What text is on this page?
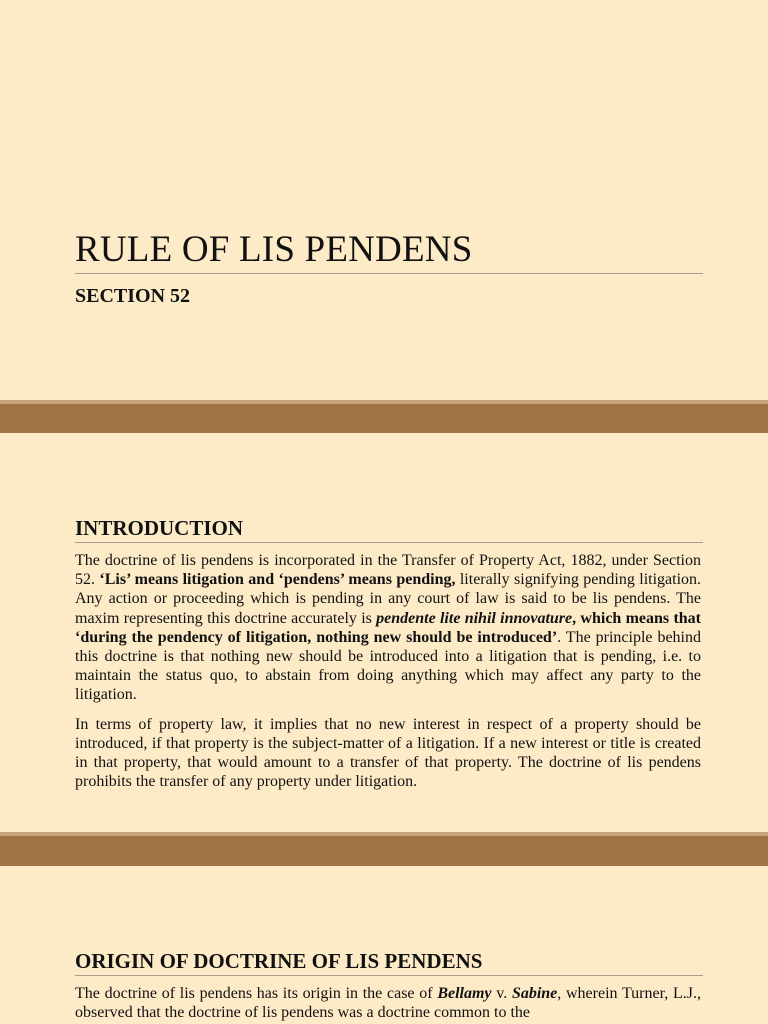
RULE OF LIS PENDENS
SECTION 52
INTRODUCTION

The doctrine of lis pendens is incorporated in the Transfer of Property Act, 1882, under Section 52. ‘Lis’ means litigation and ‘pendens’ means pending, literally signifying pending litigation. Any action or proceeding which is pending in any court of law is said to be lis pendens. The maxim representing this doctrine accurately is pendente lite nihil innovature, which means that ‘during the pendency of litigation, nothing new should be introduced’. The principle behind this doctrine is that nothing new should be introduced into a litigation that is pending, i.e. to maintain the status quo, to abstain from doing anything which may affect any party to the litigation.

In terms of property law, it implies that no new interest in respect of a property should be introduced, if that property is the subject-matter of a litigation. If a new interest or title is created in that property, that would amount to a transfer of that property. The doctrine of lis pendens prohibits the transfer of any property under litigation.

ORIGIN OF DOCTRINE OF LIS PENDENS

The doctrine of lis pendens has its origin in the case of Bellamy v. Sabine, wherein Turner, L.J., observed that the doctrine of lis pendens was a doctrine common to the
